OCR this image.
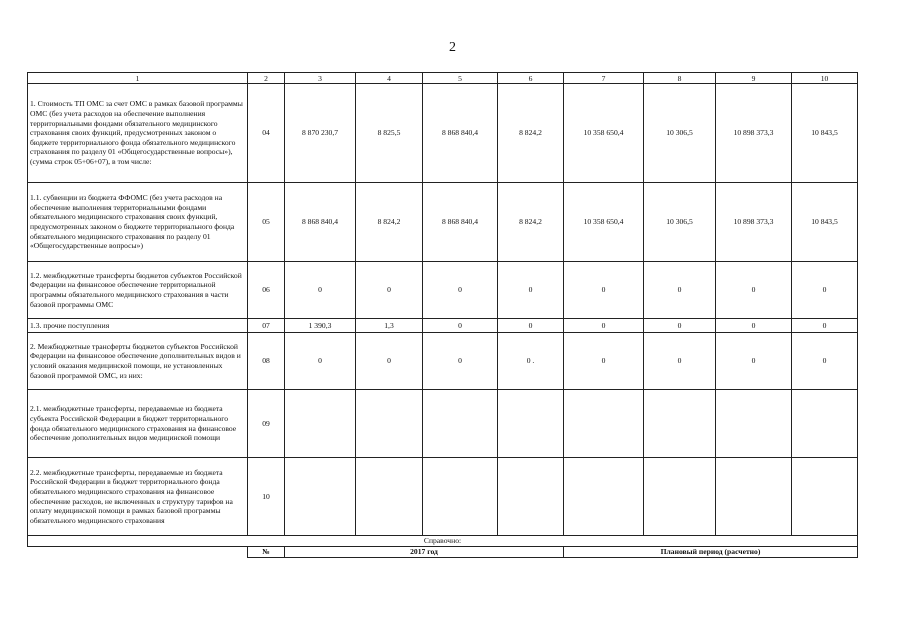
2
1	2	3	4	5	6	7	8	9	10
1. Стоимость ТП ОМС за счет ОМС в рамках базовой программы ОМС (без учета расходов на обеспечение выполнения территориальными фондами обязательного медицинского страхования своих функций, предусмотренных законом о бюджете территориального фонда обязательного медицинского страхования по разделу 01 «Общегосударственные вопросы»),(сумма строк 05+06+07), в том числе:	04	8 870 230,7	8 825,5	8 868 840,4	8 824,2	10 358 650,4	10 306,5	10 898 373,3	10 843,5
1.1. субвенции из бюджета ФФОМС (без учета расходов на обеспечение выполнения территориальными фондами обязательного медицинского страхования своих функций, предусмотренных законом о бюджете территориального фонда обязательного медицинского страхования по разделу 01 «Общегосударственные вопросы»)	05	8 868 840,4	8 824,2	8 868 840,4	8 824,2	10 358 650,4	10 306,5	10 898 373,3	10 843,5
1.2. межбюджетные трансферты бюджетов субъектов Российской Федерации на финансовое обеспечение территориальной программы обязательного медицинского страхования в части базовой программы ОМС	06	0	0	0	0	0	0	0	0
1.3. прочие поступления	07	1 390,3	1,3	0	0	0	0	0	0
2. Межбюджетные трансферты бюджетов субъектов Российской Федерации на финансовое обеспечение дополнительных видов и условий оказания медицинской помощи, не установленных базовой программой ОМС, из них:	08	0	0	0	0 .	0	0	0	0
2.1. межбюджетные трансферты, передаваемые из бюджета субъекта Российской Федерации в бюджет территориального фонда обязательного медицинского страхования на финансовое обеспечение дополнительных видов медицинской помощи	09								
2.2. межбюджетные трансферты, передаваемые из бюджета Российской Федерации в бюджет территориального фонда обязательного медицинского страхования на финансовое обеспечение расходов, не включенных в структуру тарифов на оплату медицинской помощи в рамках базовой программы обязательного медицинского страхования	10								
Справочно:									
	№	2017 год				Плановый период (расчетно)			
